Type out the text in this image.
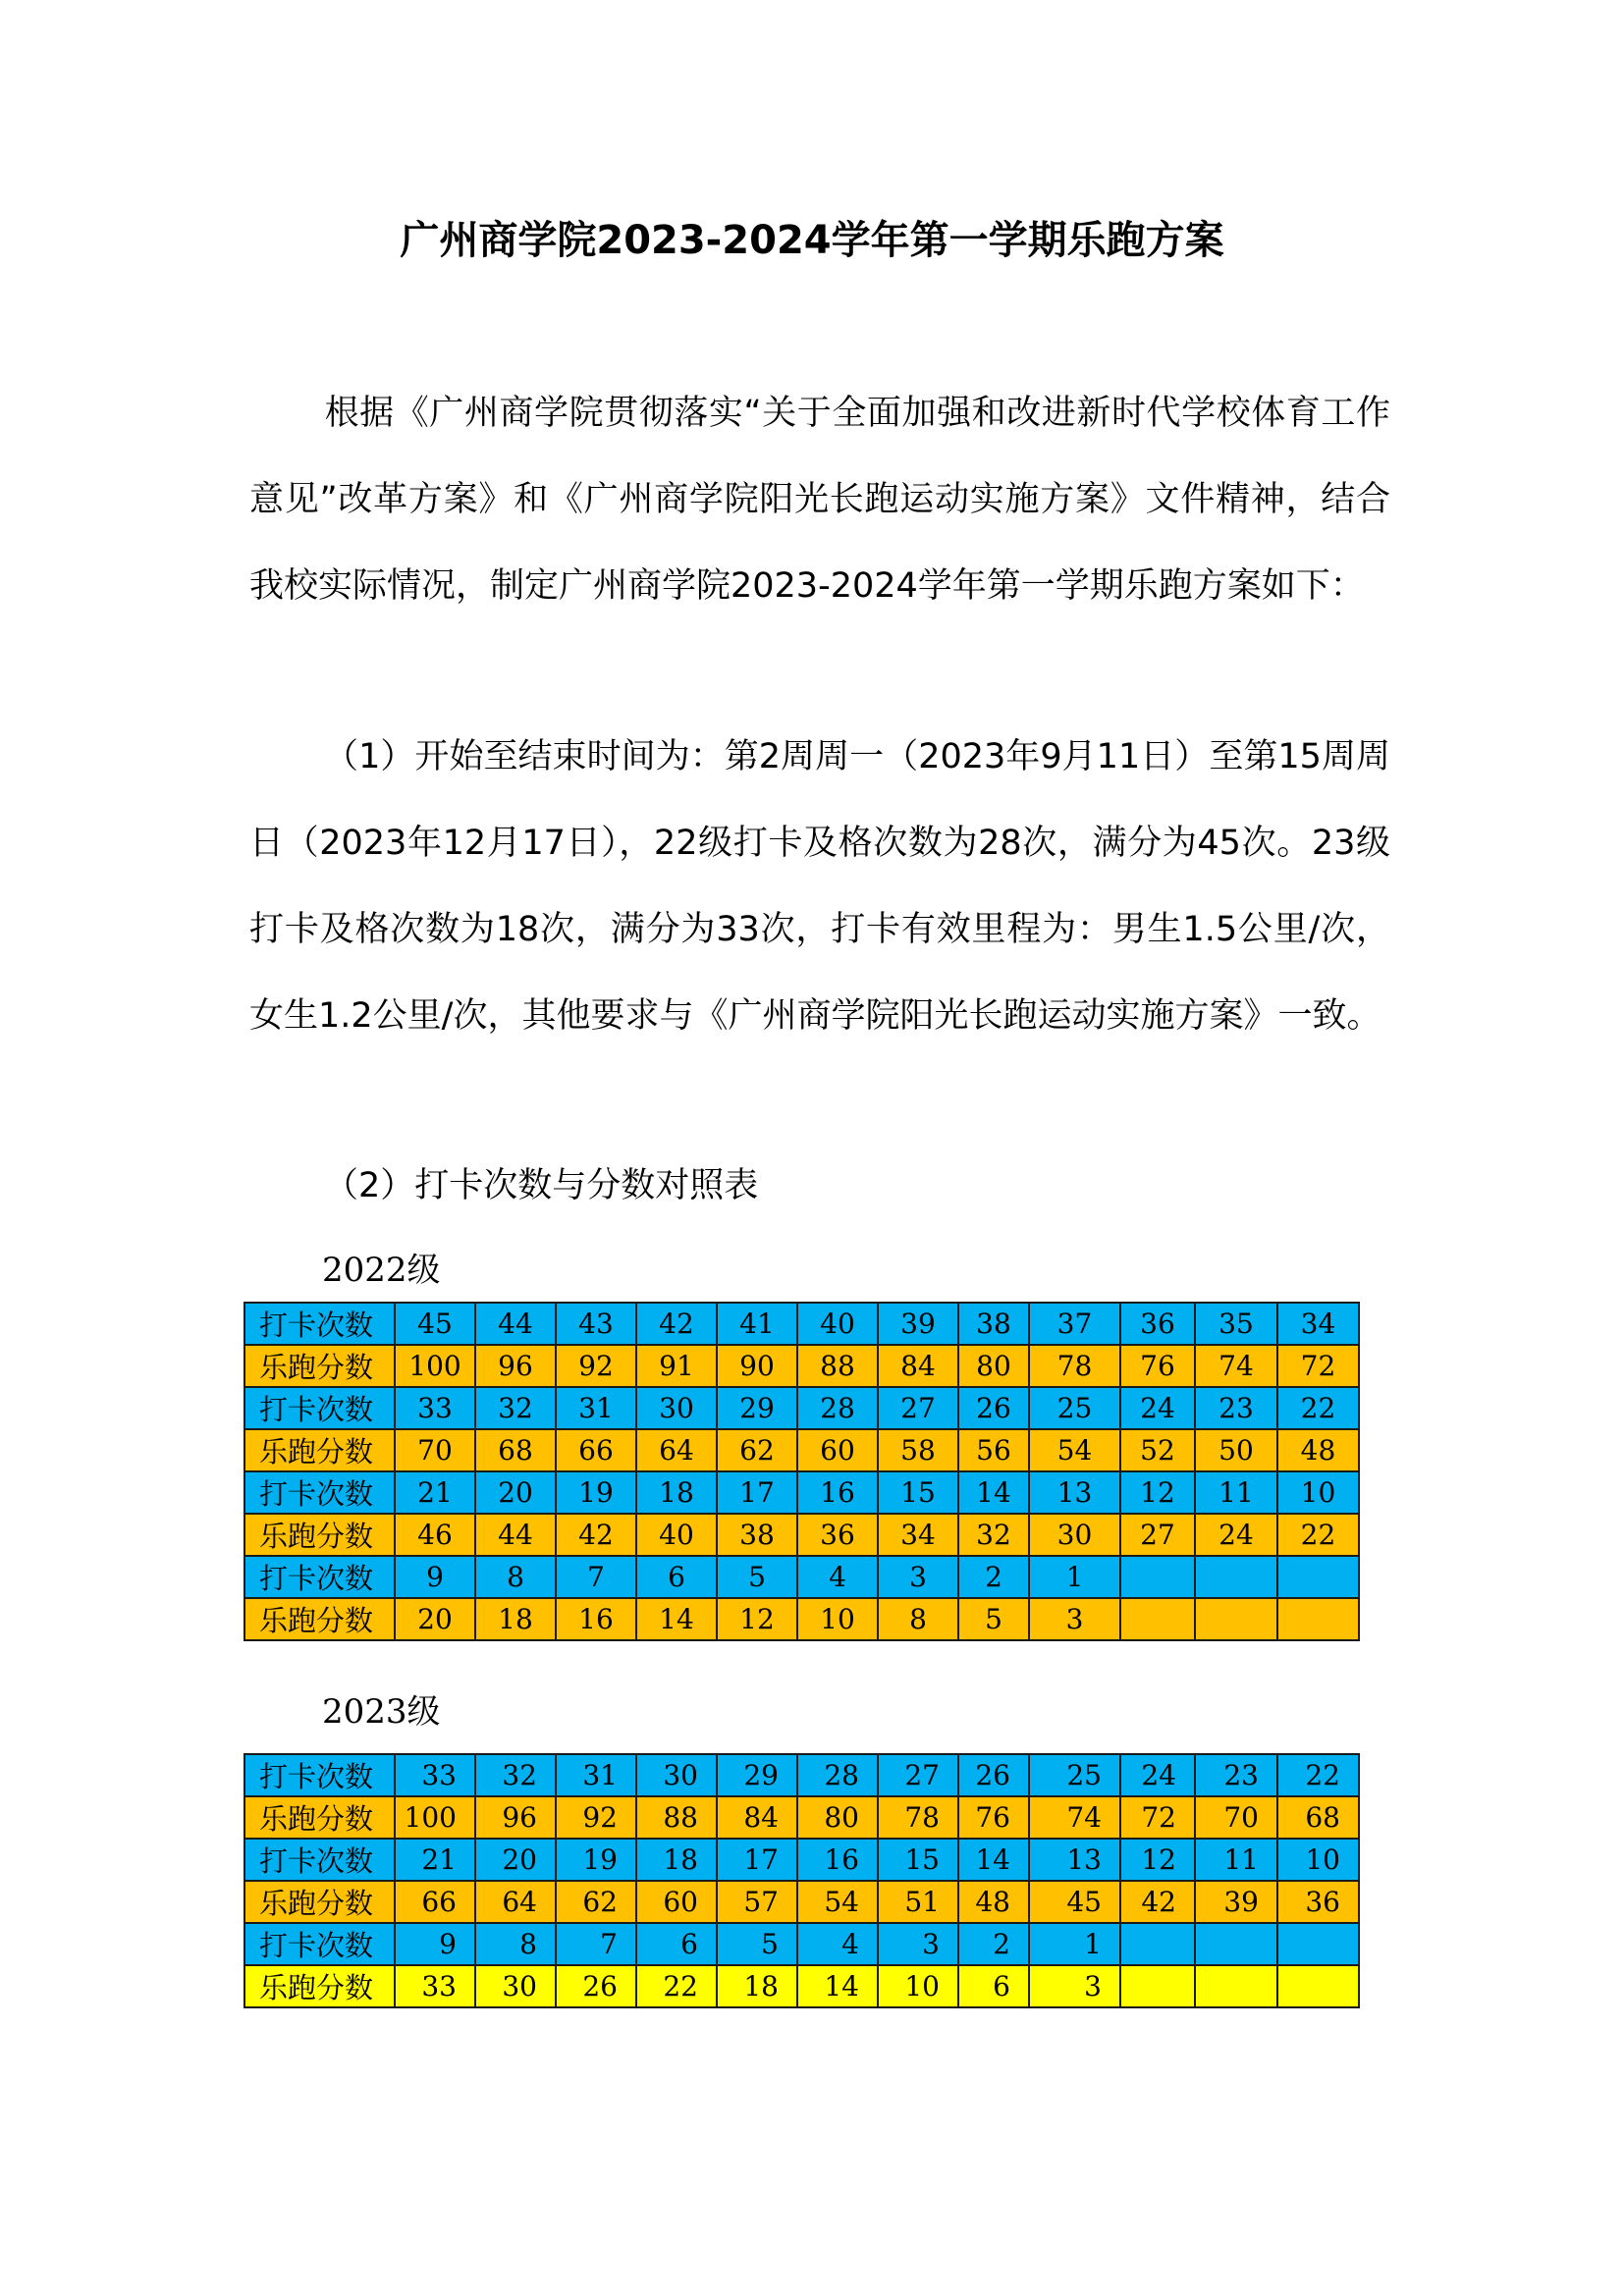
广州商学院2023-2024学年第一学期乐跑方案
根据《广州商学院贯彻落实“关于全面加强和改进新时代学校体育工作意见”改革方案》和《广州商学院阳光长跑运动实施方案》文件精神，结合我校实际情况，制定广州商学院2023-2024学年第一学期乐跑方案如下：
（1）开始至结束时间为：第2周周一（2023年9月11日）至第15周周日（2023年12月17日），22级打卡及格次数为28次，满分为45次。23级打卡及格次数为18次，满分为33次，打卡有效里程为：男生1.5公里/次，女生1.2公里/次，其他要求与《广州商学院阳光长跑运动实施方案》一致。
（2）打卡次数与分数对照表
2022级
打卡次数	45	44	43	42	41	40	39	38	37	36	35	34
乐跑分数	100	96	92	91	90	88	84	80	78	76	74	72
打卡次数	33	32	31	30	29	28	27	26	25	24	23	22
乐跑分数	70	68	66	64	62	60	58	56	54	52	50	48
打卡次数	21	20	19	18	17	16	15	14	13	12	11	10
乐跑分数	46	44	42	40	38	36	34	32	30	27	24	22
打卡次数	9	8	7	6	5	4	3	2	1			
乐跑分数	20	18	16	14	12	10	8	5	3			
2023级
打卡次数	33	32	31	30	29	28	27	26	25	24	23	22
乐跑分数	100	96	92	88	84	80	78	76	74	72	70	68
打卡次数	21	20	19	18	17	16	15	14	13	12	11	10
乐跑分数	66	64	62	60	57	54	51	48	45	42	39	36
打卡次数	9	8	7	6	5	4	3	2	1			
乐跑分数	33	30	26	22	18	14	10	6	3			
